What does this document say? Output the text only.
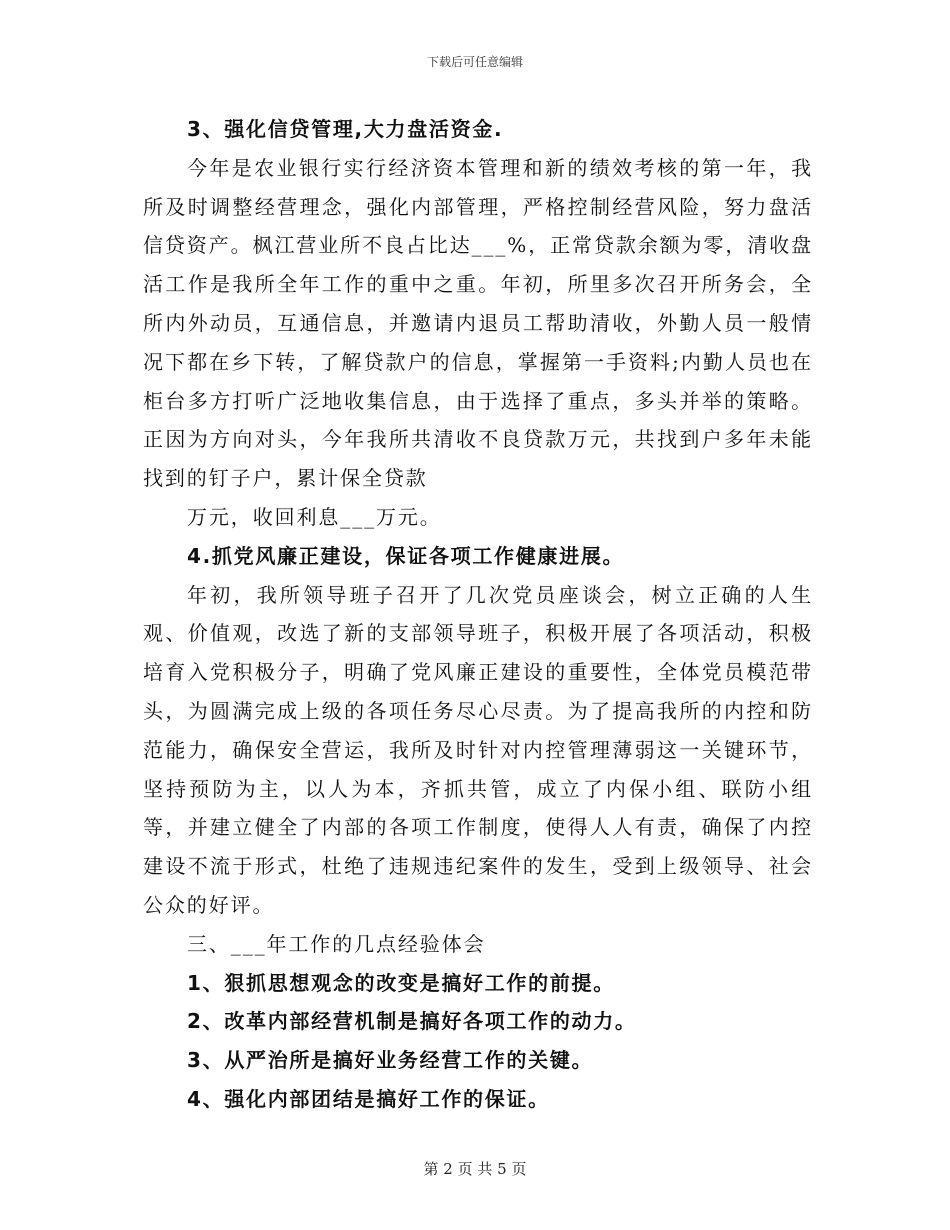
下载后可任意编辑

3、强化信贷管理,大力盘活资金.

今年是农业银行实行经济资本管理和新的绩效考核的第一年，我所及时调整经营理念，强化内部管理，严格控制经营风险，努力盘活信贷资产。枫江营业所不良占比达___%，正常贷款余额为零，清收盘活工作是我所全年工作的重中之重。年初，所里多次召开所务会，全所内外动员，互通信息，并邀请内退员工帮助清收，外勤人员一般情况下都在乡下转，了解贷款户的信息，掌握第一手资料;内勤人员也在柜台多方打听广泛地收集信息，由于选择了重点，多头并举的策略。正因为方向对头，今年我所共清收不良贷款万元，共找到户多年未能找到的钉子户，累计保全贷款

万元，收回利息___万元。

4.抓党风廉正建设，保证各项工作健康进展。

年初，我所领导班子召开了几次党员座谈会，树立正确的人生观、价值观，改选了新的支部领导班子，积极开展了各项活动，积极培育入党积极分子，明确了党风廉正建设的重要性，全体党员模范带头，为圆满完成上级的各项任务尽心尽责。为了提高我所的内控和防范能力，确保安全营运，我所及时针对内控管理薄弱这一关键环节，坚持预防为主，以人为本，齐抓共管，成立了内保小组、联防小组等，并建立健全了内部的各项工作制度，使得人人有责，确保了内控建设不流于形式，杜绝了违规违纪案件的发生，受到上级领导、社会公众的好评。

三、___年工作的几点经验体会

1、狠抓思想观念的改变是搞好工作的前提。

2、改革内部经营机制是搞好各项工作的动力。

3、从严治所是搞好业务经营工作的关键。

4、强化内部团结是搞好工作的保证。

第 2 页 共 5 页
